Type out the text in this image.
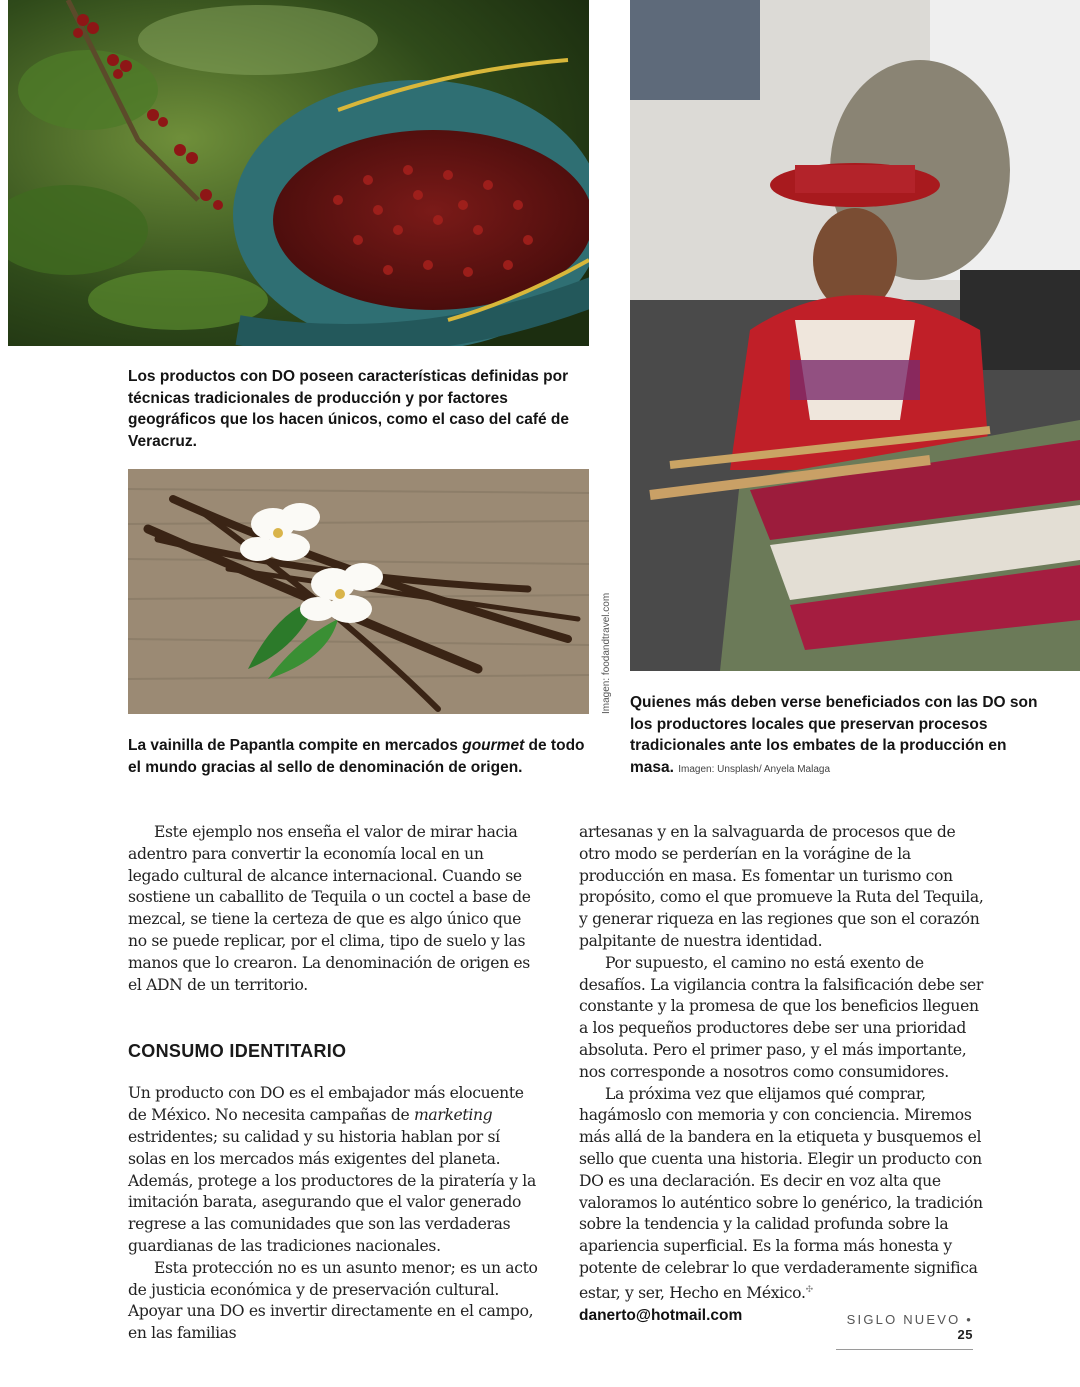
Imagen: foodandtravel.com
Los productos con DO poseen características definidas por técnicas tradicionales de producción y por factores geográficos que los hacen únicos, como el caso del café de Veracruz.
La vainilla de Papantla compite en mercados gourmet de todo el mundo gracias al sello de denominación de origen.
Quienes más deben verse beneficiados con las DO son los productores locales que preservan procesos tradicionales ante los embates de la producción en masa. Imagen: Unsplash/ Anyela Malaga

Este ejemplo nos enseña el valor de mirar hacia adentro para convertir la economía local en un legado cultural de alcance internacional. Cuando se sostiene un caballito de Tequila o un coctel a base de mezcal, se tiene la certeza de que es algo único que no se puede replicar, por el clima, tipo de suelo y las manos que lo crearon. La denominación de origen es el ADN de un territorio.

CONSUMO IDENTITARIO

Un producto con DO es el embajador más elocuente de México. No necesita campañas de marketing estridentes; su calidad y su historia hablan por sí solas en los mercados más exigentes del planeta. Además, protege a los productores de la piratería y la imitación barata, asegurando que el valor generado regrese a las comunidades que son las verdaderas guardianas de las tradiciones nacionales.

Esta protección no es un asunto menor; es un acto de justicia económica y de preservación cultural. Apoyar una DO es invertir directamente en el campo, en las familias

artesanas y en la salvaguarda de procesos que de otro modo se perderían en la vorágine de la producción en masa. Es fomentar un turismo con propósito, como el que promueve la Ruta del Tequila, y generar riqueza en las regiones que son el corazón palpitante de nuestra identidad.

Por supuesto, el camino no está exento de desafíos. La vigilancia contra la falsificación debe ser constante y la promesa de que los beneficios lleguen a los pequeños productores debe ser una prioridad absoluta. Pero el primer paso, y el más importante, nos corresponde a nosotros como consumidores.

La próxima vez que elijamos qué comprar, hagámoslo con memoria y con conciencia. Miremos más allá de la bandera en la etiqueta y busquemos el sello que cuenta una historia. Elegir un producto con DO es una declaración. Es decir en voz alta que valoramos lo auténtico sobre lo genérico, la tradición sobre la tendencia y la calidad profunda sobre la apariencia superficial. Es la forma más honesta y potente de celebrar lo que verdaderamente significa estar, y ser, Hecho en México.✣

danerto@hotmail.com	SIGLO NUEVO • 25
